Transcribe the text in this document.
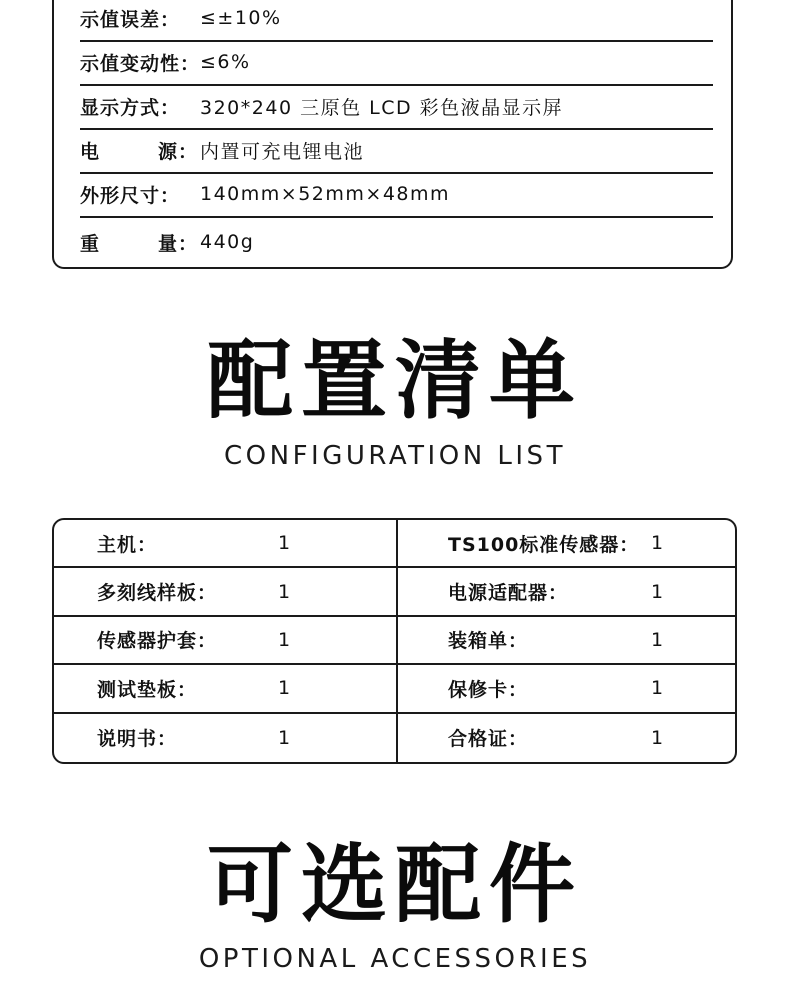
示值误差：	≤±10%
示值变动性： ≤6%
显示方式：	320*240 三原色 LCD 彩色液晶显示屏
电	源： 内置可充电锂电池
外形尺寸：	140mm×52mm×48mm
重	量： 440g
配置清单
CONFIGURATION LIST
主机：	1	TS100标准传感器： 1
多刻线样板：	1	电源适配器：	1
传感器护套：	1	装箱单：	1
测试垫板：	1	保修卡：	1
说明书：	1	合格证：	1
可选配件
OPTIONAL ACCESSORIES
